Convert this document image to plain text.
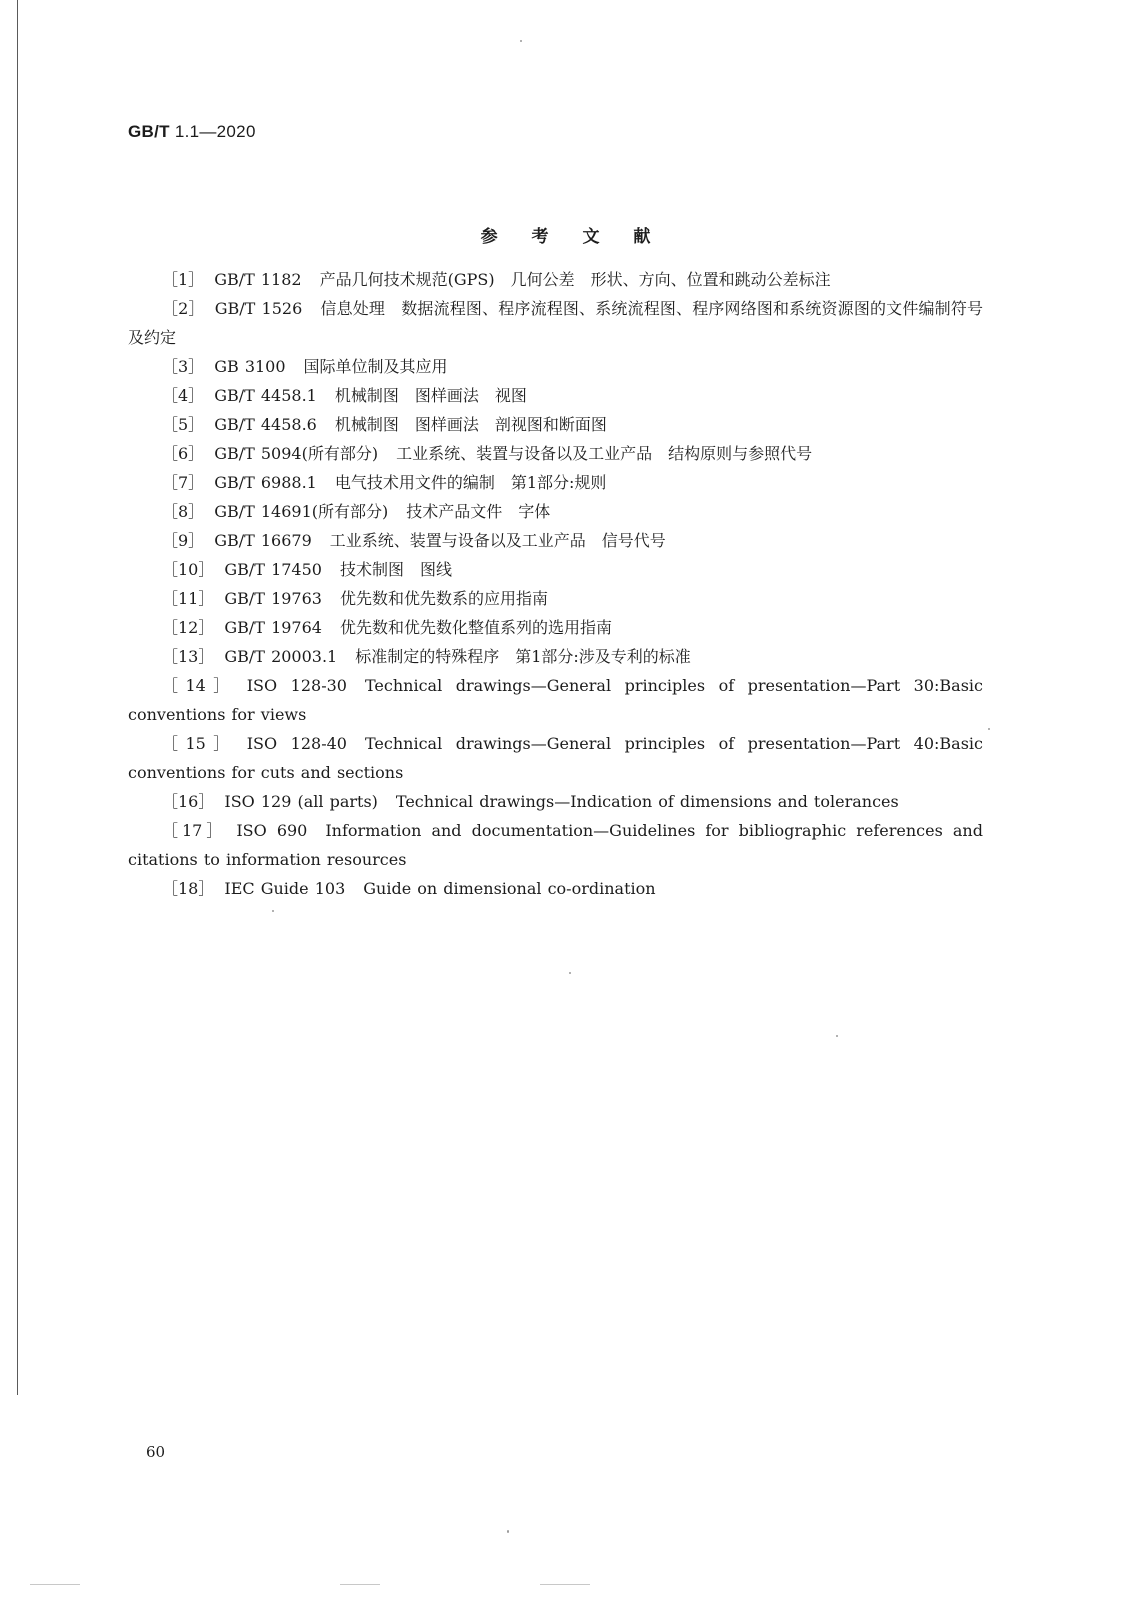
GB/T 1.1—2020
参 考 文 献
［1］ GB/T 1182 产品几何技术规范(GPS)　几何公差　形状、方向、位置和跳动公差标注
［2］ GB/T 1526 信息处理　数据流程图、程序流程图、系统流程图、程序网络图和系统资源图的文件编制符号及约定
［3］ GB 3100 国际单位制及其应用
［4］ GB/T 4458.1 机械制图　图样画法　视图
［5］ GB/T 4458.6 机械制图　图样画法　剖视图和断面图
［6］ GB/T 5094(所有部分) 工业系统、装置与设备以及工业产品　结构原则与参照代号
［7］ GB/T 6988.1 电气技术用文件的编制　第1部分:规则
［8］ GB/T 14691(所有部分) 技术产品文件　字体
［9］ GB/T 16679 工业系统、装置与设备以及工业产品　信号代号
［10］ GB/T 17450 技术制图　图线
［11］ GB/T 19763 优先数和优先数系的应用指南
［12］ GB/T 19764 优先数和优先数化整值系列的选用指南
［13］ GB/T 20003.1 标准制定的特殊程序　第1部分:涉及专利的标准
［14］ ISO 128-30 Technical drawings—General principles of presentation—Part 30:Basic conventions for views
［15］ ISO 128-40 Technical drawings—General principles of presentation—Part 40:Basic conventions for cuts and sections
［16］ ISO 129 (all parts) Technical drawings—Indication of dimensions and tolerances
［17］ ISO 690 Information and documentation—Guidelines for bibliographic references and citations to information resources
［18］ IEC Guide 103 Guide on dimensional co-ordination
60
